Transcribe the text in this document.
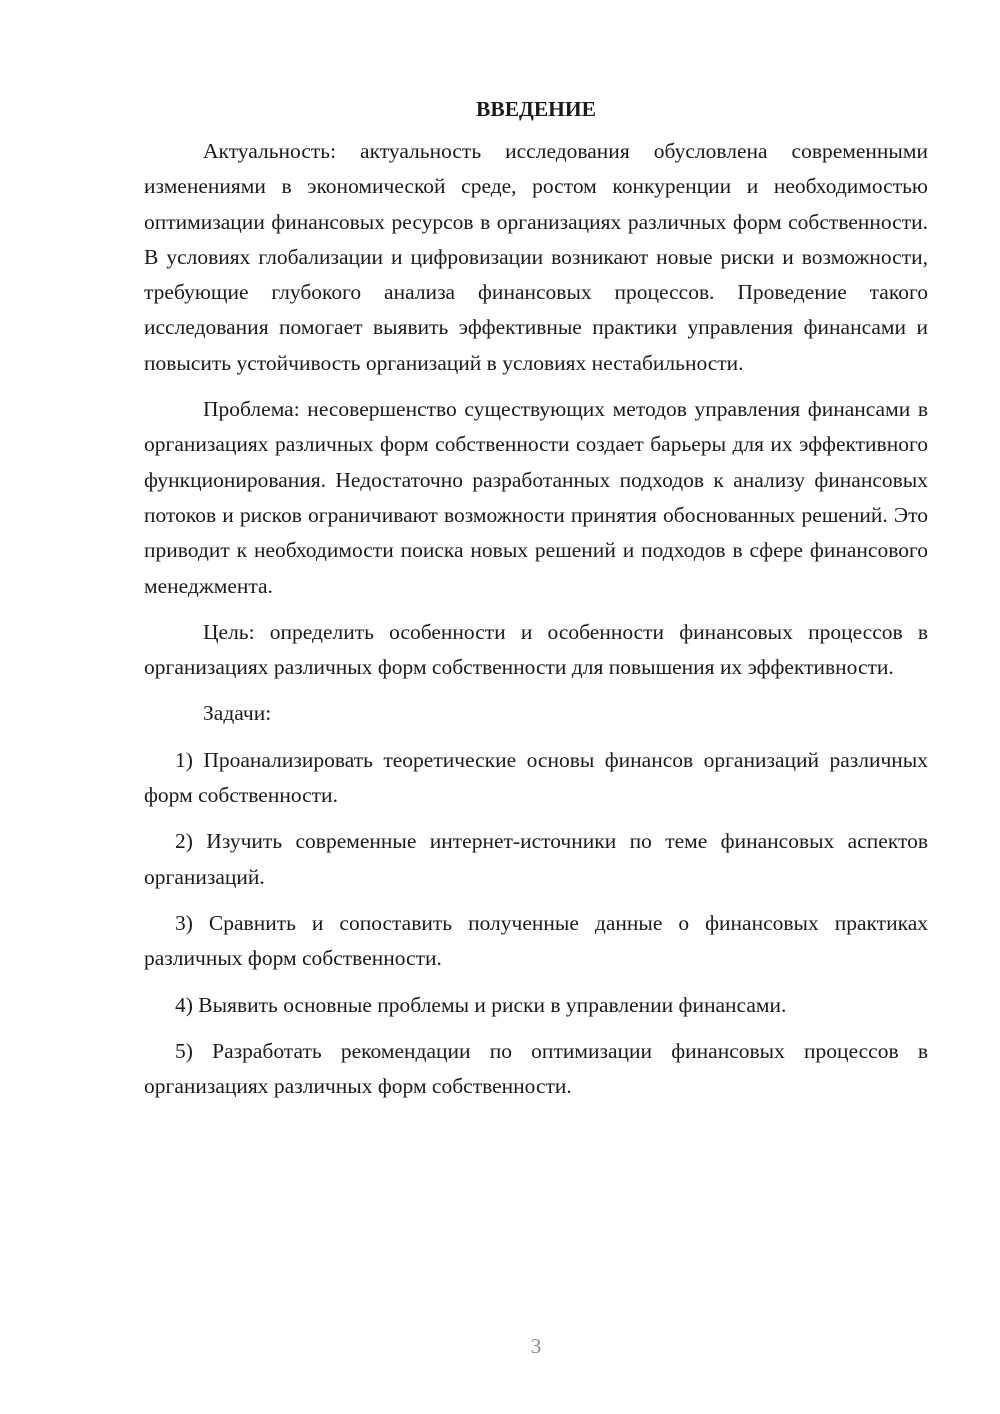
ВВЕДЕНИЕ

Актуальность: актуальность исследования обусловлена современными изменениями в экономической среде, ростом конкуренции и необходимостью оптимизации финансовых ресурсов в организациях различных форм собственности. В условиях глобализации и цифровизации возникают новые риски и возможности, требующие глубокого анализа финансовых процессов. Проведение такого исследования помогает выявить эффективные практики управления финансами и повысить устойчивость организаций в условиях нестабильности.

Проблема: несовершенство существующих методов управления финансами в организациях различных форм собственности создает барьеры для их эффективного функционирования. Недостаточно разработанных подходов к анализу финансовых потоков и рисков ограничивают возможности принятия обоснованных решений. Это приводит к необходимости поиска новых решений и подходов в сфере финансового менеджмента.

Цель: определить особенности и особенности финансовых процессов в организациях различных форм собственности для повышения их эффективности.

Задачи:

1) Проанализировать теоретические основы финансов организаций различных форм собственности.

2) Изучить современные интернет-источники по теме финансовых аспектов организаций.

3) Сравнить и сопоставить полученные данные о финансовых практиках различных форм собственности.

4) Выявить основные проблемы и риски в управлении финансами.

5) Разработать рекомендации по оптимизации финансовых процессов в организациях различных форм собственности.

3
